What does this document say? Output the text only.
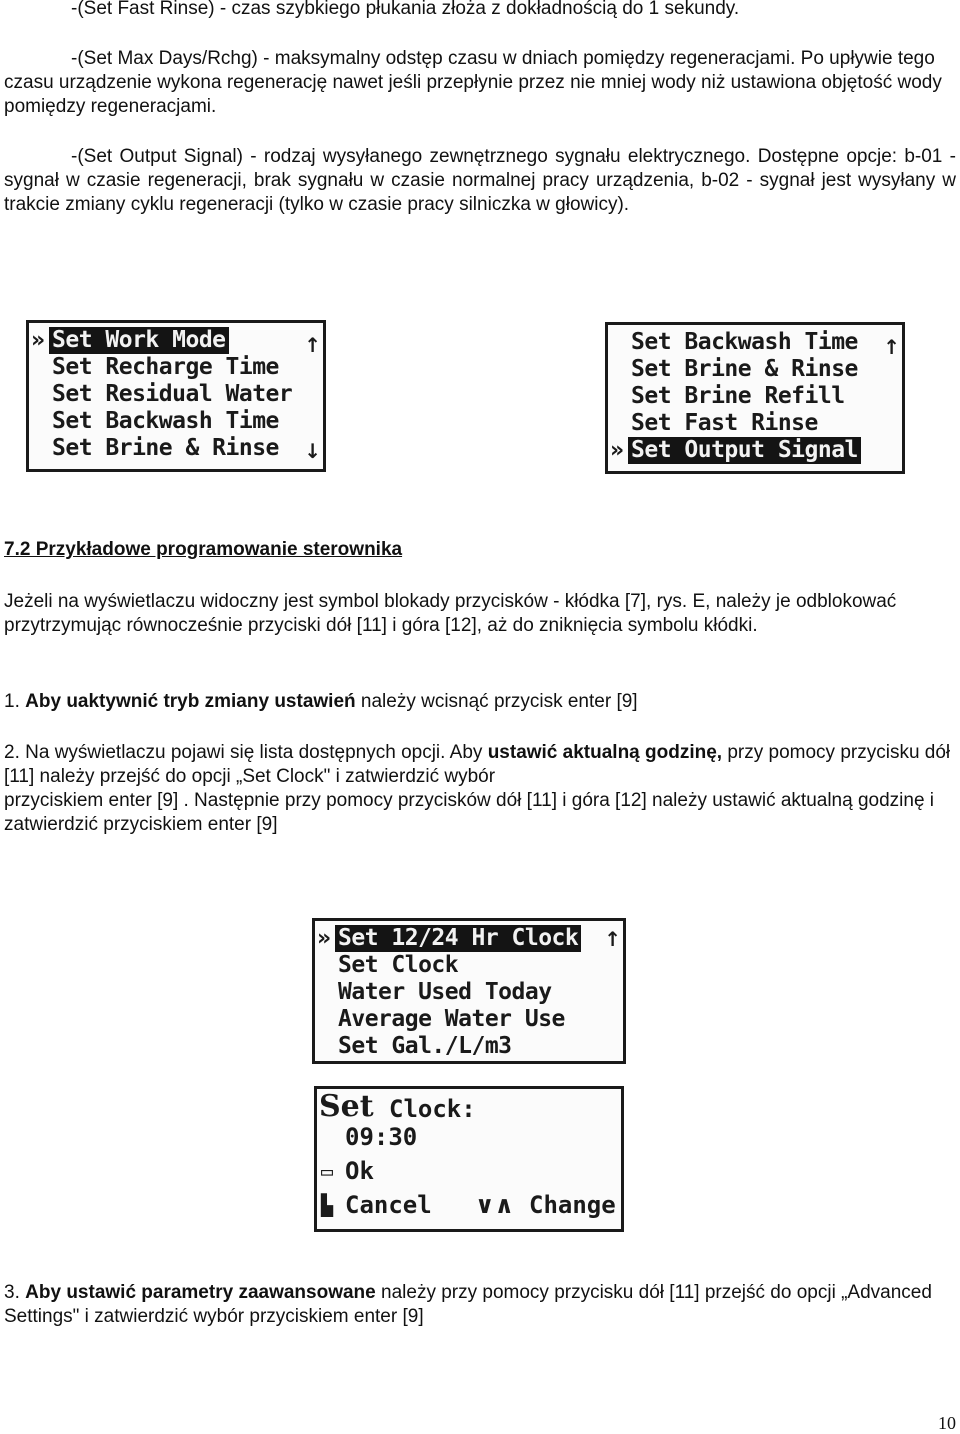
-(Set Fast Rinse) - czas szybkiego płukania złoża z dokładnością do 1 sekundy.

-(Set Max Days/Rchg) - maksymalny odstęp czasu w dniach pomiędzy regeneracjami. Po upływie tego czasu urządzenie wykona regenerację nawet jeśli przepłynie przez nie mniej wody niż ustawiona objętość wody pomiędzy regeneracjami.

-(Set Output Signal) - rodzaj wysyłanego zewnętrznego sygnału elektrycznego. Dostępne opcje: b-01 - sygnał w czasie regeneracji, brak sygnału w czasie normalnej pracy urządzenia, b-02 - sygnał jest wysyłany w trakcie zmiany cyklu regeneracji (tylko w czasie pracy silniczka w głowicy).

» Set Work Mode
Set Recharge Time
Set Residual Water
Set Backwash Time
Set Brine & Rinse
↑
↓	»
Set Backwash Time
Set Brine & Rinse
Set Brine Refill
Set Fast Rinse
Set Output Signal
↑
7.2 Przykładowe programowanie sterownika

Jeżeli na wyświetlaczu widoczny jest symbol blokady przycisków - kłódka [7], rys. E, należy je odblokować przytrzymując równocześnie przyciski dół [11] i góra [12], aż do zniknięcia symbolu kłódki.

1. Aby uaktywnić tryb zmiany ustawień należy wcisnąć przycisk enter [9]

2. Na wyświetlaczu pojawi się lista dostępnych opcji. Aby ustawić aktualną godzinę, przy pomocy przycisku dół [11] należy przejść do opcji „Set Clock" i zatwierdzić wybór
przyciskiem enter [9] . Następnie przy pomocy przycisków dół [11] i góra [12] należy ustawić aktualną godzinę i zatwierdzić przyciskiem enter [9]

» Set 12/24 Hr Clock
Set Clock
Water Used Today
Average Water Use
Set Gal./L/m3
↑
Set Clock:
09:30
▭ Ok
▙ Cancel ∨∧ Change

3. Aby ustawić parametry zaawansowane należy przy pomocy przycisku dół [11] przejść do opcji „Advanced Settings" i zatwierdzić wybór przyciskiem enter [9]

10
